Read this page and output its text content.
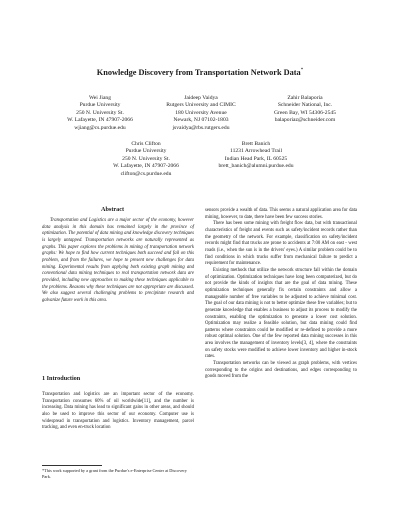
Knowledge Discovery from Transportation Network Data*
Wei Jiang
Purdue University
250 N. University St.
W. Lafayette, IN 47907-2066
wjiang@cs.purdue.edu
Jaideep Vaidya
Rutgers University and CIMIC
180 University Avenue
Newark, NJ 07102-1803
jsvaidya@rbs.rutgers.edu
Zahir Balaporia
Schneider National, Inc.
Green Bay, WI 54306-2545
balaporiaz@schneider.com
Chris Clifton
Purdue University
250 N. University St.
W. Lafayette, IN 47907-2066
clifton@cs.purdue.edu
Brett Banich
11231 Arrowhead Trail
Indian Head Park, IL 60525
brett_banich@alumni.purdue.edu
Abstract

Transportation and Logistics are a major sector of the economy, however data analysis in this domain has remained largely in the province of optimization. The potential of data mining and knowledge discovery techniques is largely untapped. Transportation networks are naturally represented as graphs. This paper explores the problems in mining of transportation network graphs: We hope to find how current techniques both succeed and fail on this problem, and from the failures, we hope to present new challenges for data mining. Experimental results from applying both existing graph mining and conventional data mining techniques to real transportation network data are provided, including new approaches to making these techniques applicable to the problems. Reasons why these techniques are not appropriate are discussed. We also suggest several challenging problems to precipitate research and galvanize future work in this area.

1 Introduction

Transportation and logistics are an important sector of the economy. Transportation consumes 60% of oil worldwide[11], and the number is increasing. Data mining has lead to significant gains in other areas, and should also be used to improve this sector of our economy. Computer use is widespread in transportation and logistics. Inventory management, parcel tracking, and even en-truck location

*This work supported by a grant from the Purdue's e-Enterprise Center at Discovery Park.

sensors provide a wealth of data. This seems a natural application area for data mining, however, to date, there have been few success stories.

There has been some mining with freight flow data, but with transactional characteristics of freight and events such as safety/incident records rather than the geometry of the network. For example, classification on safety/incident records might find that trucks are prone to accidents at 7:00 AM on east - west roads (i.e., when the sun is in the drivers' eyes.) A similar problem could be to find conditions in which trucks suffer from mechanical failure to predict a requirement for maintenance.

Existing methods that utilize the network structure fall within the domain of optimization. Optimization techniques have long been computerized, but do not provide the kinds of insights that are the goal of data mining. These optimization techniques generally fix certain constraints and allow a manageable number of free variables to be adjusted to achieve minimal cost. The goal of our data mining is not to better optimize these free variables; but to generate knowledge that enables a business to adjust its process to modify the constraints, enabling the optimization to generate a lower cost solution. Optimization may realize a feasible solution, but data mining could find patterns where constraints could be modified or re-defined to provide a more robust optimal solution. One of the few reported data mining successes in this area involves the management of inventory levels[3, 4], where the constraints on safety stocks were modified to achieve lower inventory and higher in-stock rates.

Transportation networks can be viewed as graph problems, with vertices corresponding to the origins and destinations, and edges corresponding to goods moved from the
